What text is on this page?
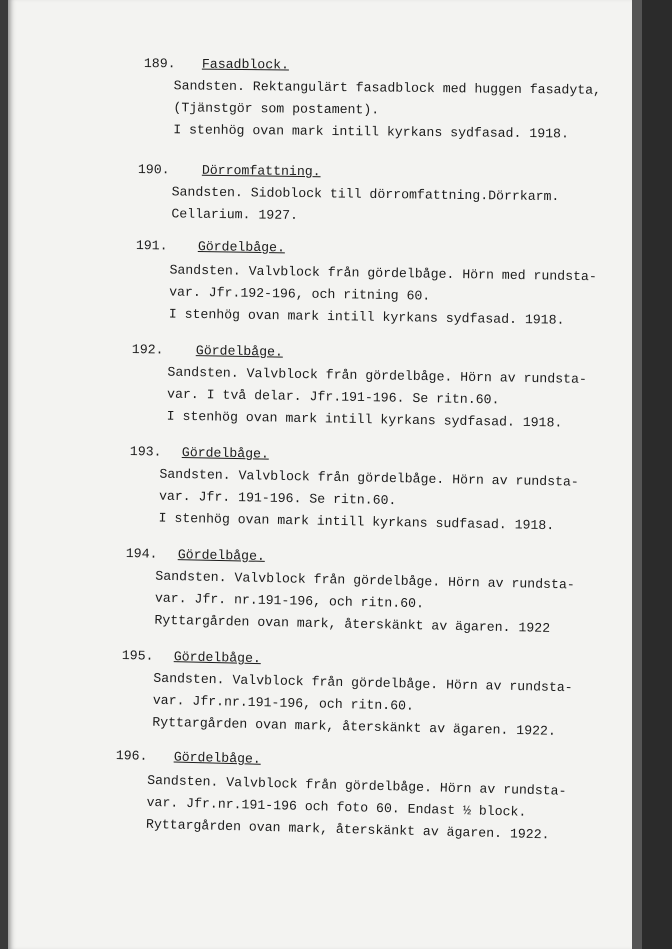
189. Fasadblock.
Sandsten. Rektangulärt fasadblock med huggen fasadyta,
(Tjänstgör som postament).
I stenhög ovan mark intill kyrkans sydfasad. 1918.
190. Dörromfattning.
Sandsten. Sidoblock till dörromfattning.Dörrkarm.
Cellarium. 1927.
191. Gördelbåge.
Sandsten. Valvblock från gördelbåge. Hörn med rundsta-
var. Jfr.192-196, och ritning 60.
I stenhög ovan mark intill kyrkans sydfasad. 1918.
192. Gördelbåge.
Sandsten. Valvblock från gördelbåge. Hörn av rundsta-
var. I två delar. Jfr.191-196. Se ritn.60.
I stenhög ovan mark intill kyrkans sydfasad. 1918.
193. Gördelbåge.
Sandsten. Valvblock från gördelbåge. Hörn av rundsta-
var. Jfr. 191-196. Se ritn.60.
I stenhög ovan mark intill kyrkans sudfasad. 1918.
194. Gördelbåge.
Sandsten. Valvblock från gördelbåge. Hörn av rundsta-
var. Jfr. nr.191-196, och ritn.60.
Ryttargården ovan mark, återskänkt av ägaren. 1922
195. Gördelbåge.
Sandsten. Valvblock från gördelbåge. Hörn av rundsta-
var. Jfr.nr.191-196, och ritn.60.
Ryttargården ovan mark, återskänkt av ägaren. 1922.
196. Gördelbåge.
Sandsten. Valvblock från gördelbåge. Hörn av rundsta-
var. Jfr.nr.191-196 och foto 60. Endast ½ block.
Ryttargården ovan mark, återskänkt av ägaren. 1922.
